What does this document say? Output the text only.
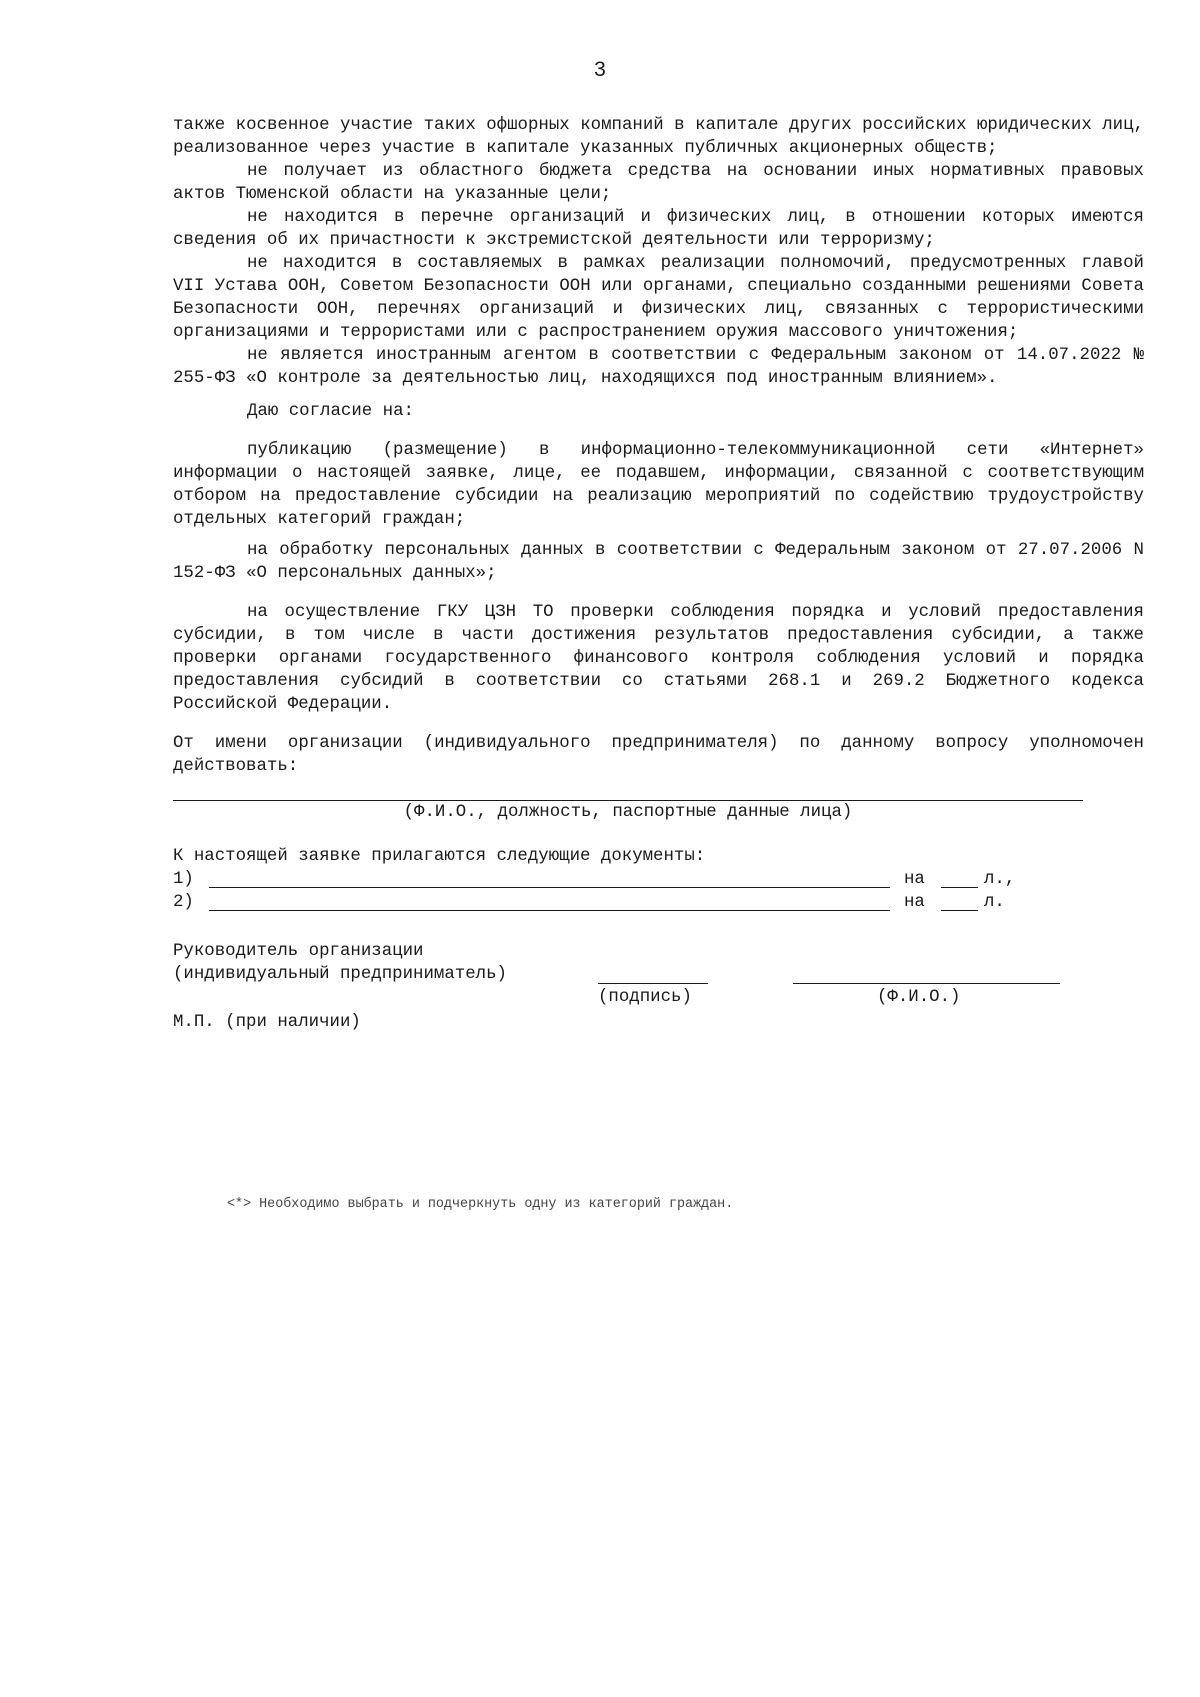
3

также косвенное участие таких офшорных компаний в капитале других российских юридических лиц, реализованное через участие в капитале указанных публичных акционерных обществ;

не получает из областного бюджета средства на основании иных нормативных правовых актов Тюменской области на указанные цели;

не находится в перечне организаций и физических лиц, в отношении которых имеются сведения об их причастности к экстремистской деятельности или терроризму;

не находится в составляемых в рамках реализации полномочий, предусмотренных главой VII Устава ООН, Советом Безопасности ООН или органами, специально созданными решениями Совета Безопасности ООН, перечнях организаций и физических лиц, связанных с террористическими организациями и террористами или с распространением оружия массового уничтожения;

не является иностранным агентом в соответствии с Федеральным законом от 14.07.2022 № 255-ФЗ «О контроле за деятельностью лиц, находящихся под иностранным влиянием».

Даю согласие на:

публикацию (размещение) в информационно-телекоммуникационной сети «Интернет» информации о настоящей заявке, лице, ее подавшем, информации, связанной с соответствующим отбором на предоставление субсидии на реализацию мероприятий по содействию трудоустройству отдельных категорий граждан;

на обработку персональных данных в соответствии с Федеральным законом от 27.07.2006 N 152-ФЗ «О персональных данных»;

на осуществление ГКУ ЦЗН ТО проверки соблюдения порядка и условий предоставления субсидии, в том числе в части достижения результатов предоставления субсидии, а также проверки органами государственного финансового контроля соблюдения условий и порядка предоставления субсидий в соответствии со статьями 268.1 и 269.2 Бюджетного кодекса Российской Федерации.

От имени организации (индивидуального предпринимателя) по данному вопросу уполномочен действовать:

(Ф.И.О., должность, паспортные данные лица)
К настоящей заявке прилагаются следующие документы:
1)	на	л.,
2)	на	л.
Руководитель организации
(индивидуальный предприниматель)
(подпись)	(Ф.И.О.)
М.П. (при наличии)
<*> Необходимо выбрать и подчеркнуть одну из категорий граждан.
